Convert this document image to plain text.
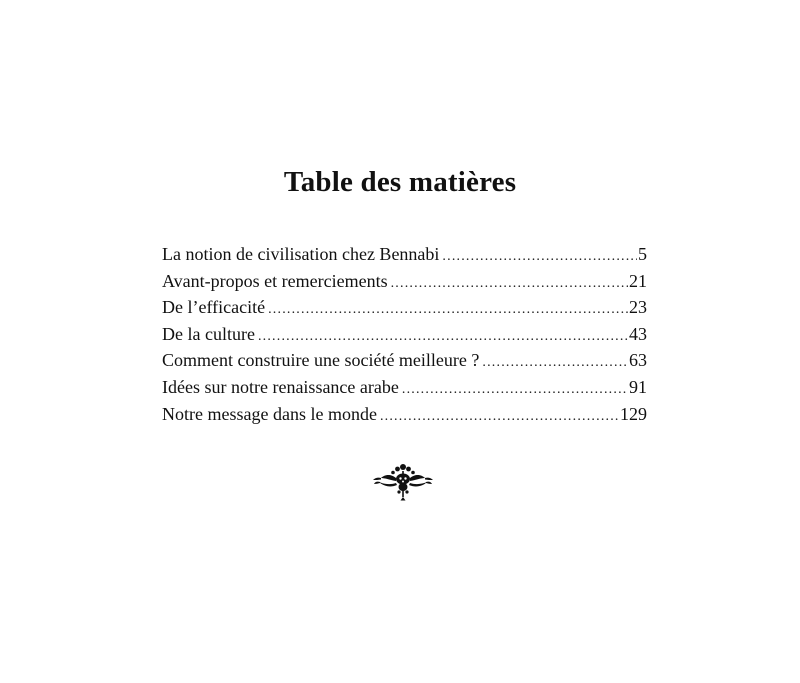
Table des matières
La notion de civilisation chez Bennabi .....	5
Avant-propos et remerciements .....	21
De l’efficacité .....	23
De la culture .....	43
Comment construire une société meilleure ? .....	63
Idées sur notre renaissance arabe .....	91
Notre message dans le monde .....	129
